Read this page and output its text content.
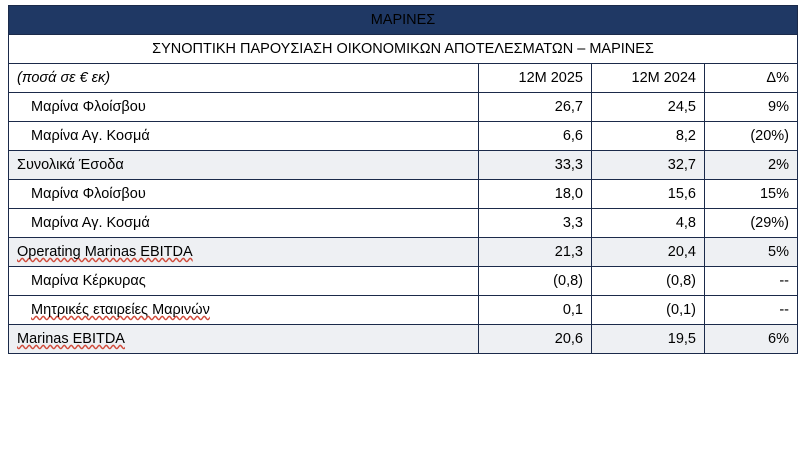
ΜΑΡΙΝΕΣ			
ΣΥΝΟΠΤΙΚΗ ΠΑΡΟΥΣΙΑΣΗ ΟΙΚΟΝΟΜΙΚΩΝ ΑΠΟΤΕΛΕΣΜΑΤΩΝ – ΜΑΡΙΝΕΣ			
(ποσά σε € εκ)	12M 2025	12M 2024	Δ%
Μαρίνα Φλοίσβου	26,7	24,5	9%
Μαρίνα Αγ. Κοσμά	6,6	8,2	(20%)
Συνολικά Έσοδα	33,3	32,7	2%
Μαρίνα Φλοίσβου	18,0	15,6	15%
Μαρίνα Αγ. Κοσμά	3,3	4,8	(29%)
Operating Marinas EBITDA	21,3	20,4	5%
Μαρίνα Κέρκυρας	(0,8)	(0,8)	--
Μητρικές εταιρείες Μαρινών	0,1	(0,1)	--
Marinas EBITDA	20,6	19,5	6%
